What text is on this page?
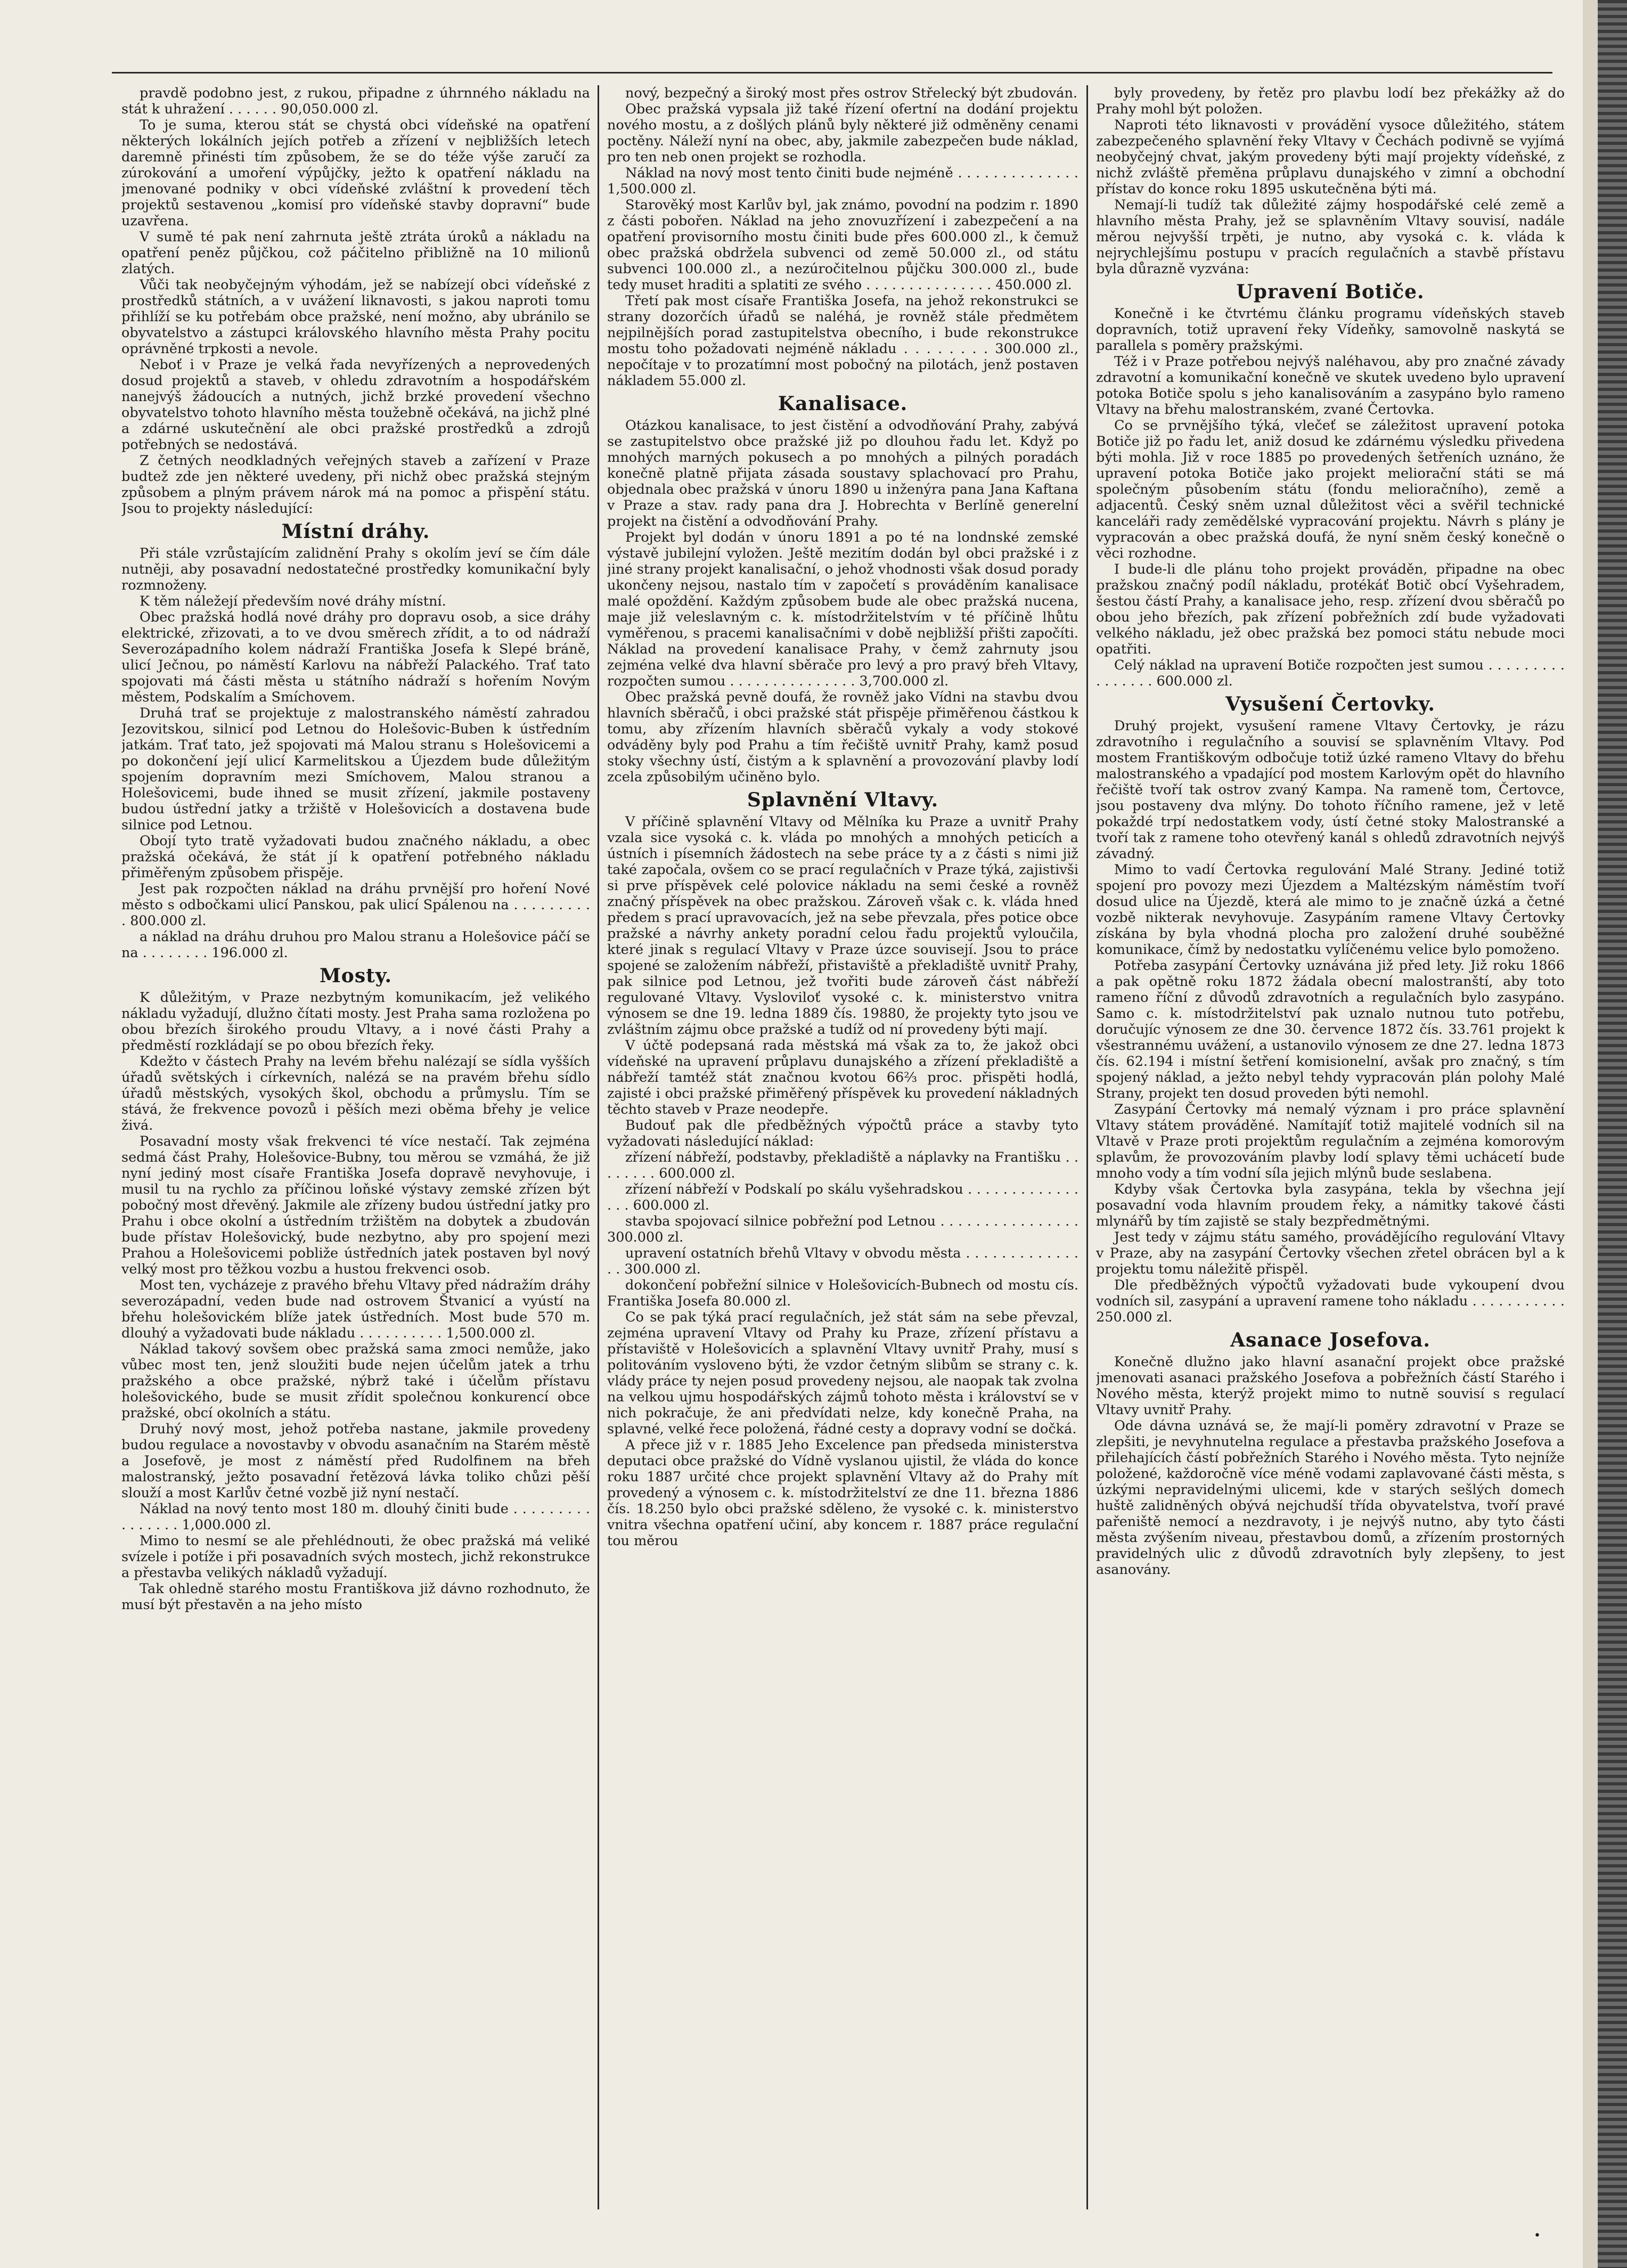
pravdě podobno jest, z rukou, připadne z úhrnného nákladu na stát k uhražení . . . . . . 90,050.000 zl.

To je suma, kterou stát se chystá obci vídeňské na opatření některých lokálních jejích potřeb a zřízení v nejbližších letech daremně přinésti tím způsobem, že se do téže výše zaručí za zúrokování a umoření výpůjčky, ježto k opatření nákladu na jmenované podniky v obci vídeňské zvláštní k provedení těch projektů sestavenou „komisí pro vídeňské stavby dopravní“ bude uzavřena.

V sumě té pak není zahrnuta ještě ztráta úroků a nákladu na opatření peněz půjčkou, což páčitelno přibližně na 10 milionů zlatých.

Vůči tak neobyčejným výhodám, jež se nabízejí obci vídeňské z prostředků státních, a v uvážení liknavosti, s jakou naproti tomu přihlíží se ku potřebám obce pražské, není možno, aby ubránilo se obyvatelstvo a zástupci královského hlavního města Prahy pocitu oprávněné trpkosti a nevole.

Neboť i v Praze je velká řada nevyřízených a neprovedených dosud projektů a staveb, v ohledu zdravotním a hospodářském nanejvýš žádoucích a nutných, jichž brzké provedení všechno obyvatelstvo tohoto hlavního města toužebně očekává, na jichž plné a zdárné uskutečnění ale obci pražské prostředků a zdrojů potřebných se nedostává.

Z četných neodkladných veřejných staveb a zařízení v Praze budtež zde jen některé uvedeny, při nichž obec pražská stejným způsobem a plným právem nárok má na pomoc a přispění státu. Jsou to projekty následující:

Místní dráhy.

Při stále vzrůstajícím zalidnění Prahy s okolím jeví se čím dále nutněji, aby posavadní nedostatečné prostředky komunikační byly rozmnoženy.

K těm náležejí především nové dráhy místní.

Obec pražská hodlá nové dráhy pro dopravu osob, a sice dráhy elektrické, zřizovati, a to ve dvou směrech zřídit, a to od nádraží Severozápadního kolem nádraží Františka Josefa k Slepé bráně, ulicí Ječnou, po náměstí Karlovu na nábřeží Palackého. Trať tato spojovati má části města u státního nádraží s hořením Novým městem, Podskalím a Smíchovem.

Druhá trať se projektuje z malostranského náměstí zahradou Jezovitskou, silnicí pod Letnou do Holešovic-Buben k ústředním jatkám. Trať tato, jež spojovati má Malou stranu s Holešovicemi a po dokončení její ulicí Karmelitskou a Újezdem bude důležitým spojením dopravním mezi Smíchovem, Malou stranou a Holešovicemi, bude ihned se musit zřízení, jakmile postaveny budou ústřední jatky a tržiště v Holešovicích a dostavena bude silnice pod Letnou.

Obojí tyto tratě vyžadovati budou značného nákladu, a obec pražská očekává, že stát jí k opatření potřebného nákladu přiměřeným způsobem přispěje.

Jest pak rozpočten náklad na dráhu prvnější pro hoření Nové město s odbočkami ulicí Panskou, pak ulicí Spálenou na . . . . . . . . . . 800.000 zl.

a náklad na dráhu druhou pro Malou stranu a Holešovice páčí se na . . . . . . . . 196.000 zl.

Mosty.

K důležitým, v Praze nezbytným komunikacím, jež velikého nákladu vyžadují, dlužno čítati mosty. Jest Praha sama rozložena po obou březích širokého proudu Vltavy, a i nové části Prahy a předměstí rozkládají se po obou březích řeky.

Kdežto v částech Prahy na levém břehu nalézají se sídla vyšších úřadů světských i církevních, nalézá se na pravém břehu sídlo úřadů městských, vysokých škol, obchodu a průmyslu. Tím se stává, že frekvence povozů i pěších mezi oběma břehy je velice živá.

Posavadní mosty však frekvenci té více nestačí. Tak zejména sedmá část Prahy, Holešovice-Bubny, tou měrou se vzmáhá, že již nyní jediný most císaře Františka Josefa dopravě nevyhovuje, i musil tu na rychlo za příčinou loňské výstavy zemské zřízen být pobočný most dřevěný. Jakmile ale zřízeny budou ústřední jatky pro Prahu i obce okolní a ústředním tržištěm na dobytek a zbudován bude přístav Holešovický, bude nezbytno, aby pro spojení mezi Prahou a Holešovicemi pobliže ústředních jatek postaven byl nový velký most pro těžkou vozbu a hustou frekvenci osob.

Most ten, vycházeje z pravého břehu Vltavy před nádražím dráhy severozápadní, veden bude nad ostrovem Štvanicí a vyústí na břehu holešovickém blíže jatek ústředních. Most bude 570 m. dlouhý a vyžadovati bude nákladu . . . . . . . . . . 1,500.000 zl.

Náklad takový sovšem obec pražská sama zmoci nemůže, jako vůbec most ten, jenž sloužiti bude nejen účelům jatek a trhu pražského a obce pražské, nýbrž také i účelům přístavu holešovického, bude se musit zřídit společnou konkurencí obce pražské, obcí okolních a státu.

Druhý nový most, jehož potřeba nastane, jakmile provedeny budou regulace a novostavby v obvodu asanačním na Starém městě a Josefově, je most z náměstí před Rudolfinem na břeh malostranský, ježto posavadní řetězová lávka toliko chůzi pěší slouží a most Karlův četné vozbě již nyní nestačí.

Náklad na nový tento most 180 m. dlouhý činiti bude . . . . . . . . . . . . . . . . 1,000.000 zl.

Mimo to nesmí se ale přehlédnouti, že obec pražská má veliké svízele i potíže i při posavadních svých mostech, jichž rekonstrukce a přestavba velikých nákladů vyžadují.

Tak ohledně starého mostu Františkova již dávno rozhodnuto, že musí být přestavěn a na jeho místo

nový, bezpečný a široký most přes ostrov Střelecký být zbudován.

Obec pražská vypsala již také řízení ofertní na dodání projektu nového mostu, a z došlých plánů byly některé již odměněny cenami poctěny. Náleží nyní na obec, aby, jakmile zabezpečen bude náklad, pro ten neb onen projekt se rozhodla.

Náklad na nový most tento činiti bude nejméně . . . . . . . . . . . . . . 1,500.000 zl.

Starověký most Karlův byl, jak známo, povodní na podzim r. 1890 z části pobořen. Náklad na jeho znovuzřízení i zabezpečení a na opatření provisorního mostu činiti bude přes 600.000 zl., k čemuž obec pražská obdržela subvenci od země 50.000 zl., od státu subvenci 100.000 zl., a nezúročitelnou půjčku 300.000 zl., bude tedy muset hraditi a splatiti ze svého . . . . . . . . . . . . . . . 450.000 zl.

Třetí pak most císaře Františka Josefa, na jehož rekonstrukci se strany dozorčích úřadů se naléhá, je rovněž stále předmětem nejpilnějších porad zastupitelstva obecního, i bude rekonstrukce mostu toho požadovati nejméně nákladu . . . . . . . . 300.000 zl., nepočítaje v to prozatímní most pobočný na pilotách, jenž postaven nákladem 55.000 zl.

Kanalisace.

Otázkou kanalisace, to jest čistění a odvodňování Prahy, zabývá se zastupitelstvo obce pražské již po dlouhou řadu let. Když po mnohých marných pokusech a po mnohých a pilných poradách konečně platně přijata zásada soustavy splachovací pro Prahu, objednala obec pražská v únoru 1890 u inženýra pana Jana Kaftana v Praze a stav. rady pana dra J. Hobrechta v Berlíně generelní projekt na čistění a odvodňování Prahy.

Projekt byl dodán v únoru 1891 a po té na londnské zemské výstavě jubilejní vyložen. Ještě mezitím dodán byl obci pražské i z jiné strany projekt kanalisační, o jehož vhodnosti však dosud porady ukončeny nejsou, nastalo tím v započetí s prováděním kanalisace malé opoždění. Každým způsobem bude ale obec pražská nucena, maje již veleslavným c. k. místodržitelstvím v té příčině lhůtu vyměřenou, s pracemi kanalisačními v době nejbližší přišti započíti. Náklad na provedení kanalisace Prahy, v čemž zahrnuty jsou zejména velké dva hlavní sběrače pro levý a pro pravý břeh Vltavy, rozpočten sumou . . . . . . . . . . . . . . . 3,700.000 zl.

Obec pražská pevně doufá, že rovněž jako Vídni na stavbu dvou hlavních sběračů, i obci pražské stát přispěje přiměřenou částkou k tomu, aby zřízením hlavních sběračů vykaly a vody stokové odváděny byly pod Prahu a tím řečiště uvnitř Prahy, kamž posud stoky všechny ústí, čistým a k splavnění a provozování plavby lodí zcela způsobilým učiněno bylo.

Splavnění Vltavy.

V příčině splavnění Vltavy od Mělníka ku Praze a uvnitř Prahy vzala sice vysoká c. k. vláda po mnohých a mnohých peticích a ústních i písemních žádostech na sebe práce ty a z části s nimi již také započala, ovšem co se prací regulačních v Praze týká, zajistivši si prve příspěvek celé polovice nákladu na semi české a rovněž značný příspěvek na obec pražskou. Zároveň však c. k. vláda hned předem s prací upravovacích, jež na sebe převzala, přes potice obce pražské a návrhy ankety poradní celou řadu projektů vyloučila, které jinak s regulací Vltavy v Praze úzce souvisejí. Jsou to práce spojené se založením nábřeží, přistaviště a překladiště uvnitř Prahy, pak silnice pod Letnou, jež tvořiti bude zároveň část nábřeží regulované Vltavy. Vysloviloť vysoké c. k. ministerstvo vnitra výnosem se dne 19. ledna 1889 čís. 19880, že projekty tyto jsou ve zvláštním zájmu obce pražské a tudíž od ní provedeny býti mají.

V účtě podepsaná rada městská má však za to, že jakož obci vídeňské na upravení průplavu dunajského a zřízení překladiště a nábřeží tamtéž stát značnou kvotou 66⅔ proc. přispěti hodlá, zajisté i obci pražské přiměřený příspěvek ku provedení nákladných těchto staveb v Praze neodepře.

Budouť pak dle předběžných výpočtů práce a stavby tyto vyžadovati následující náklad:

zřízení nábřeží, podstavby, překladiště a náplavky na Františku . . . . . . . . 600.000 zl.

zřízení nábřeží v Podskalí po skálu vyšehradskou . . . . . . . . . . . . . . . . 600.000 zl.

stavba spojovací silnice pobřežní pod Letnou . . . . . . . . . . . . . . . . 300.000 zl.

upravení ostatních břehů Vltavy v obvodu města . . . . . . . . . . . . . . . 300.000 zl.

dokončení pobřežní silnice v Holešovicích-Bubnech od mostu cís. Františka Josefa 80.000 zl.

Co se pak týká prací regulačních, jež stát sám na sebe převzal, zejména upravení Vltavy od Prahy ku Praze, zřízení přístavu a přístaviště v Holešovicích a splavnění Vltavy uvnitř Prahy, musí s politováním vysloveno býti, že vzdor četným slibům se strany c. k. vlády práce ty nejen posud provedeny nejsou, ale naopak tak zvolna na velkou ujmu hospodářských zájmů tohoto města i království se v nich pokračuje, že ani předvídati nelze, kdy konečně Praha, na splavné, velké řece položená, řádné cesty a dopravy vodní se dočká.

A přece již v r. 1885 Jeho Excelence pan předseda ministerstva deputaci obce pražské do Vídně vyslanou ujistil, že vláda do konce roku 1887 určité chce projekt splavnění Vltavy až do Prahy mít provedený a výnosem c. k. místodržitelství ze dne 11. března 1886 čís. 18.250 bylo obci pražské sděleno, že vysoké c. k. ministerstvo vnitra všechna opatření učiní, aby koncem r. 1887 práce regulační tou měrou

byly provedeny, by řetěz pro plavbu lodí bez překážky až do Prahy mohl být položen.

Naproti této liknavosti v provádění vysoce důležitého, státem zabezpečeného splavnění řeky Vltavy v Čechách podivně se vyjímá neobyčejný chvat, jakým provedeny býti mají projekty vídeňské, z nichž zvláště přeměna průplavu dunajského v zimní a obchodní přístav do konce roku 1895 uskutečněna býti má.

Nemají-li tudíž tak důležité zájmy hospodářské celé země a hlavního města Prahy, jež se splavněním Vltavy souvisí, nadále měrou nejvyšší trpěti, je nutno, aby vysoká c. k. vláda k nejrychlejšímu postupu v pracích regulačních a stavbě přístavu byla důrazně vyzvána:

Upravení Botiče.

Konečně i ke čtvrtému článku programu vídeňských staveb dopravních, totiž upravení řeky Vídeňky, samovolně naskytá se parallela s poměry pražskými.

Též i v Praze potřebou nejvýš naléhavou, aby pro značné závady zdravotní a komunikační konečně ve skutek uvedeno bylo upravení potoka Botiče spolu s jeho kanalisováním a zasypáno bylo rameno Vltavy na břehu malostranském, zvané Čertovka.

Co se prvnějšího týká, vlečeť se záležitost upravení potoka Botiče již po řadu let, aniž dosud ke zdárnému výsledku přivedena býti mohla. Již v roce 1885 po provedených šetřeních uznáno, že upravení potoka Botiče jako projekt meliorační státi se má společným působením státu (fondu melioračního), země a adjacentů. Český sněm uznal důležitost věci a svěřil technické kanceláři rady zemědělské vypracování projektu. Návrh s plány je vypracován a obec pražská doufá, že nyní sněm český konečně o věci rozhodne.

I bude-li dle plánu toho projekt prováděn, připadne na obec pražskou značný podíl nákladu, protékáť Botič obcí Vyšehradem, šestou částí Prahy, a kanalisace jeho, resp. zřízení dvou sběračů po obou jeho březích, pak zřízení pobřežních zdí bude vyžadovati velkého nákladu, jež obec pražská bez pomoci státu nebude moci opatřiti.

Celý náklad na upravení Botiče rozpočten jest sumou . . . . . . . . . . . . . . . . 600.000 zl.

Vysušení Čertovky.

Druhý projekt, vysušení ramene Vltavy Čertovky, je rázu zdravotního i regulačního a souvisí se splavněním Vltavy. Pod mostem Františkovým odbočuje totiž úzké rameno Vltavy do břehu malostranského a vpadající pod mostem Karlovým opět do hlavního řečiště tvoří tak ostrov zvaný Kampa. Na rameně tom, Čertovce, jsou postaveny dva mlýny. Do tohoto říčního ramene, jež v letě pokaždé trpí nedostatkem vody, ústí četné stoky Malostranské a tvoří tak z ramene toho otevřený kanál s ohledů zdravotních nejvýš závadný.

Mimo to vadí Čertovka regulování Malé Strany. Jediné totiž spojení pro povozy mezi Újezdem a Maltézským náměstím tvoří dosud ulice na Újezdě, která ale mimo to je značně úzká a četné vozbě nikterak nevyhovuje. Zasypáním ramene Vltavy Čertovky získána by byla vhodná plocha pro založení druhé souběžné komunikace, čímž by nedostatku vylíčenému velice bylo pomoženo.

Potřeba zasypání Čertovky uznávána již před lety. Již roku 1866 a pak opětně roku 1872 žádala obecní malostranští, aby toto rameno říční z důvodů zdravotních a regulačních bylo zasypáno. Samo c. k. místodržitelství pak uznalo nutnou tuto potřebu, doručujíc výnosem ze dne 30. července 1872 čís. 33.761 projekt k všestrannému uvážení, a ustanovilo výnosem ze dne 27. ledna 1873 čís. 62.194 i místní šetření komisionelní, avšak pro značný, s tím spojený náklad, a ježto nebyl tehdy vypracován plán polohy Malé Strany, projekt ten dosud proveden býti nemohl.

Zasypání Čertovky má nemalý význam i pro práce splavnění Vltavy státem prováděné. Namítajíť totiž majitelé vodních sil na Vltavě v Praze proti projektům regulačním a zejména komorovým splavům, že provozováním plavby lodí splavy těmi uchácetí bude mnoho vody a tím vodní síla jejich mlýnů bude seslabena.

Kdyby však Čertovka byla zasypána, tekla by všechna její posavadní voda hlavním proudem řeky, a námitky takové části mlynářů by tím zajistě se staly bezpředmětnými.

Jest tedy v zájmu státu samého, provádějícího regulování Vltavy v Praze, aby na zasypání Čertovky všechen zřetel obrácen byl a k projektu tomu náležitě přispěl.

Dle předběžných výpočtů vyžadovati bude vykoupení dvou vodních sil, zasypání a upravení ramene toho nákladu . . . . . . . . . . . 250.000 zl.

Asanace Josefova.

Konečně dlužno jako hlavní asanační projekt obce pražské jmenovati asanaci pražského Josefova a pobřežních částí Starého i Nového města, kterýž projekt mimo to nutně souvisí s regulací Vltavy uvnitř Prahy.

Ode dávna uznává se, že mají-li poměry zdravotní v Praze se zlepšiti, je nevyhnutelna regulace a přestavba pražského Josefova a přilehajících částí pobřežních Starého i Nového města. Tyto nejníže položené, každoročně více méně vodami zaplavované části města, s úzkými nepravidelnými ulicemi, kde v starých sešlých domech huště zalidněných obývá nejchudší třída obyvatelstva, tvoří pravé pařeniště nemocí a nezdravoty, i je nejvýš nutno, aby tyto části města zvýšením niveau, přestavbou domů, a zřízením prostorných pravidelných ulic z důvodů zdravotních byly zlepšeny, to jest asanovány.

•
